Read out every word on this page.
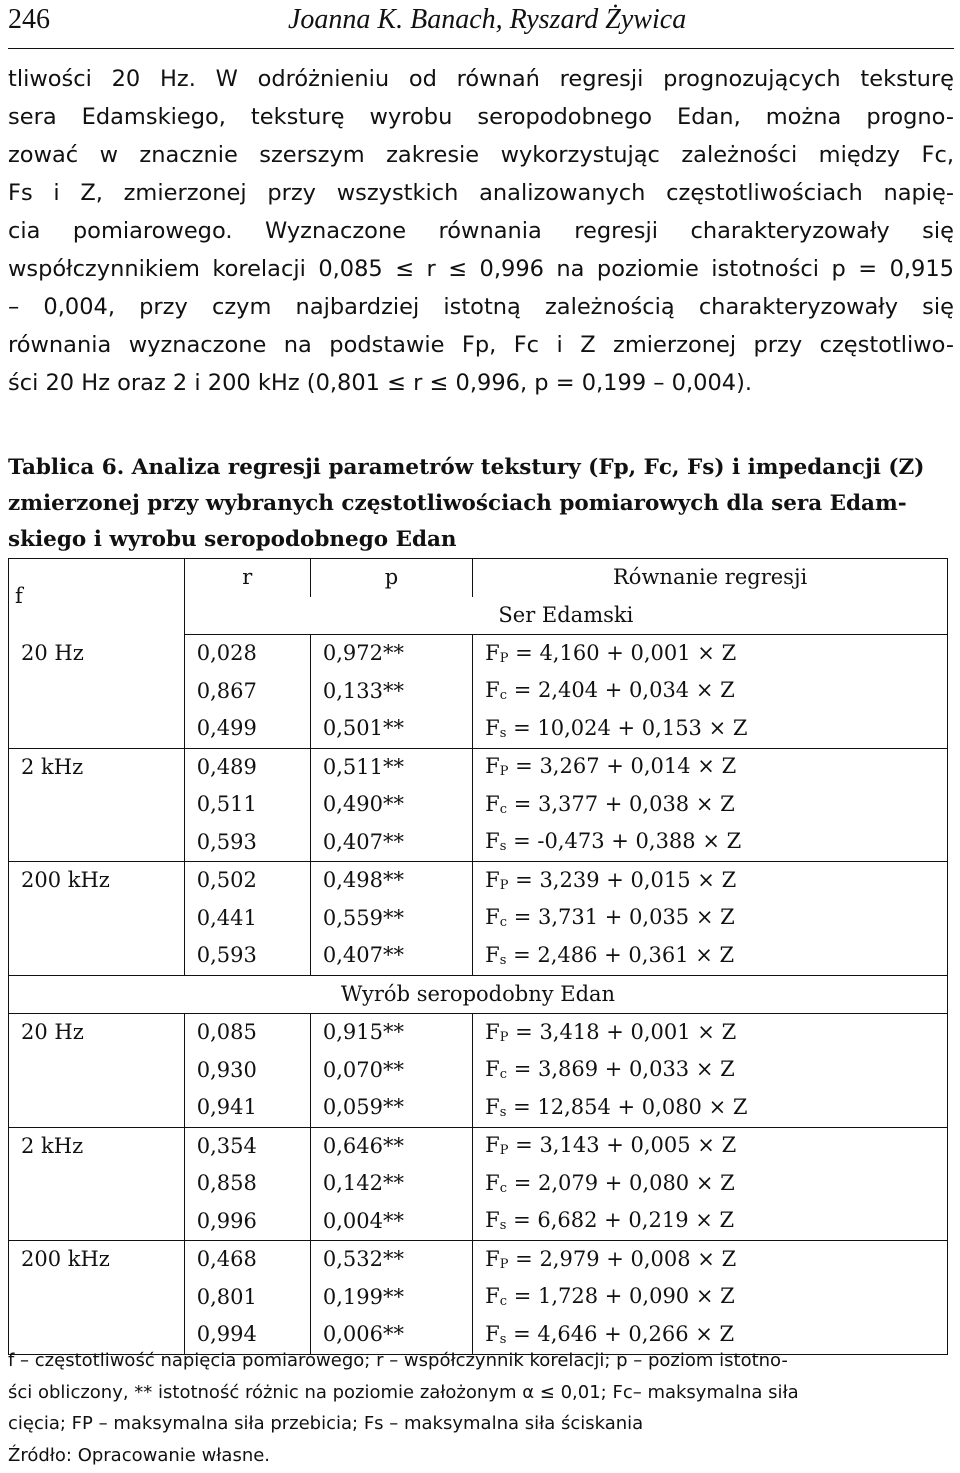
246	Joanna K. Banach, Ryszard Żywica

tliwości 20 Hz. W odróżnieniu od równań regresji prognozujących teksturę

sera Edamskiego, teksturę wyrobu seropodobnego Edan, można progno-

zować w znacznie szerszym zakresie wykorzystując zależności między Fc,

Fs i Z, zmierzonej przy wszystkich analizowanych częstotliwościach napię-

cia pomiarowego. Wyznaczone równania regresji charakteryzowały się

współczynnikiem korelacji 0,085 ≤ r ≤ 0,996 na poziomie istotności p = 0,915

– 0,004, przy czym najbardziej istotną zależnością charakteryzowały się

równania wyznaczone na podstawie Fp, Fc i Z zmierzonej przy częstotliwo-

ści 20 Hz oraz 2 i 200 kHz (0,801 ≤ r ≤ 0,996, p = 0,199 – 0,004).

Tablica 6. Analiza regresji parametrów tekstury (Fp, Fc, Fs) i impedancji (Z)

zmierzonej przy wybranych częstotliwościach pomiarowych dla sera Edam-

skiego i wyrobu seropodobnego Edan

f	r	p	Równanie regresji
	Ser Edamski		
20 Hz	0,028	0,972**	FP = 4,160 + 0,001 × Z
	0,867	0,133**	Fc = 2,404 + 0,034 × Z
	0,499	0,501**	Fs = 10,024 + 0,153 × Z
2 kHz	0,489	0,511**	FP = 3,267 + 0,014 × Z
	0,511	0,490**	Fc = 3,377 + 0,038 × Z
	0,593	0,407**	Fs = -0,473 + 0,388 × Z
200 kHz	0,502	0,498**	FP = 3,239 + 0,015 × Z
	0,441	0,559**	Fc = 3,731 + 0,035 × Z
	0,593	0,407**	Fs = 2,486 + 0,361 × Z
Wyrób seropodobny Edan			
20 Hz	0,085	0,915**	FP = 3,418 + 0,001 × Z
	0,930	0,070**	Fc = 3,869 + 0,033 × Z
	0,941	0,059**	Fs = 12,854 + 0,080 × Z
2 kHz	0,354	0,646**	FP = 3,143 + 0,005 × Z
	0,858	0,142**	Fc = 2,079 + 0,080 × Z
	0,996	0,004**	Fs = 6,682 + 0,219 × Z
200 kHz	0,468	0,532**	FP = 2,979 + 0,008 × Z
	0,801	0,199**	Fc = 1,728 + 0,090 × Z
	0,994	0,006**	Fs = 4,646 + 0,266 × Z

f – częstotliwość napięcia pomiarowego; r – współczynnik korelacji; p – poziom istotno-

ści obliczony, ** istotność różnic na poziomie założonym α ≤ 0,01; Fc– maksymalna siła

cięcia; FP – maksymalna siła przebicia; Fs – maksymalna siła ściskania

Źródło: Opracowanie własne.
